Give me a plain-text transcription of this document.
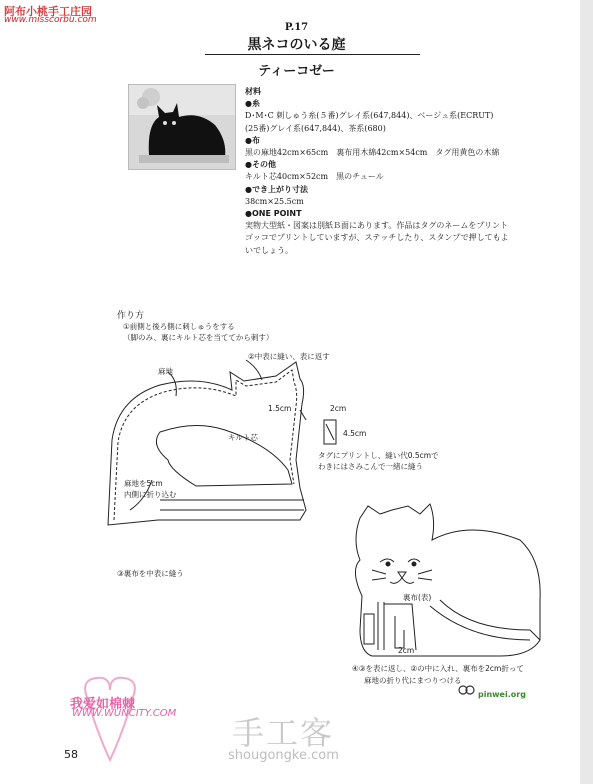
阿布小桃手工庄园
www.misscorbu.com
P.17
黒ネコのいる庭
ティーコゼー
材料
●糸
D･M･C 刺しゅう糸(５番)グレイ系(647,844)、ベージュ系(ECRUT)
(25番)グレイ系(647,844)、茶系(680)
●布
黒の麻地42cm×65cm　裏布用木綿42cm×54cm　タグ用黄色の木綿
●その他
キルト芯40cm×52cm　黒のチュール
●でき上がり寸法
38cm×25.5cm
●ONE POINT
実物大型紙・図案は別紙Ｂ面にあります。作品はタグのネームをプリント
ゴッコでプリントしていますが、ステッチしたり、スタンプで押してもよ
いでしょう。
作り方
①前側と後ろ側に刺しゅうをする
（脚のみ、裏にキルト芯を当ててから刺す）
②中表に縫い、表に返す
麻地
キルト芯
1.5cm	2cm
4.5cm
タグにプリントし、縫い代0.5cmで
わきにはさみこんで一緒に縫う
麻地を5cm
内側に折り込む
③裏布を中表に縫う
裏布(表)
2cm
④③を表に返し、②の中に入れ、裏布を2cm折って
麻地の折り代にまつりつける
我爱如棉棘
WWW.WUNCITY.COM
手工客
shougongke.com
pinwei.org
58
